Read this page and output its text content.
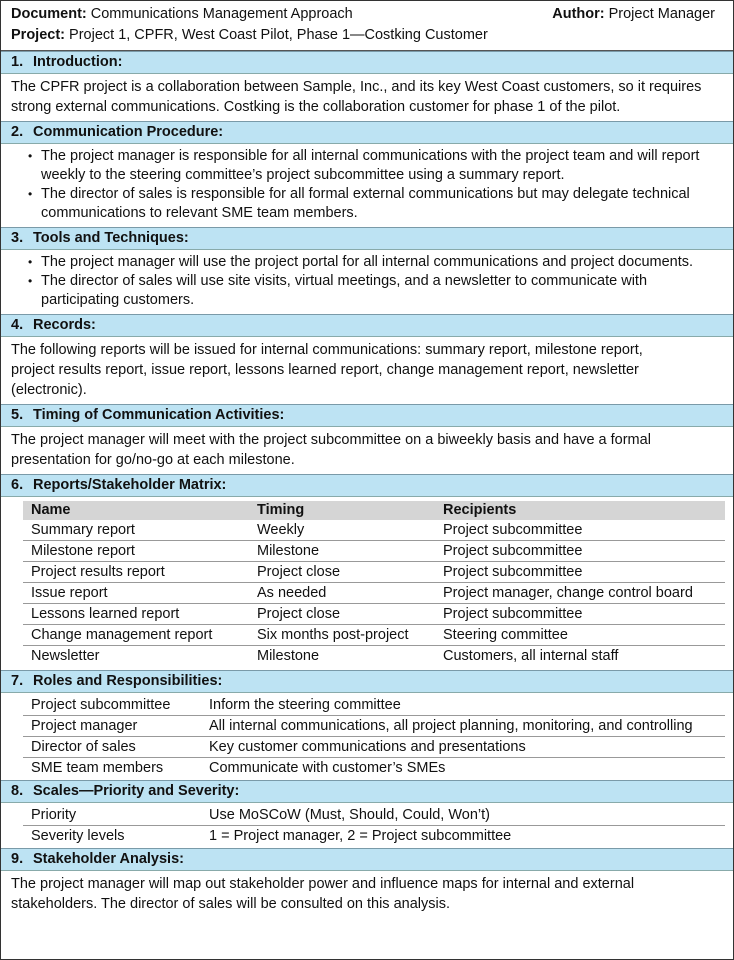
Document: Communications Management Approach	Author: Project Manager
Project: Project 1, CPFR, West Coast Pilot, Phase 1—Costking Customer
1. Introduction:
The CPFR project is a collaboration between Sample, Inc., and its key West Coast customers, so it requires strong external communications. Costking is the collaboration customer for phase 1 of the pilot.
2. Communication Procedure:
• The project manager is responsible for all internal communications with the project team and will report weekly to the steering committee’s project subcommittee using a summary report.
• The director of sales is responsible for all formal external communications but may delegate technical communications to relevant SME team members.
3. Tools and Techniques:
• The project manager will use the project portal for all internal communications and project documents.
• The director of sales will use site visits, virtual meetings, and a newsletter to communicate with participating customers.
4. Records:
The following reports will be issued for internal communications: summary report, milestone report, project results report, issue report, lessons learned report, change management report, newsletter (electronic).
5. Timing of Communication Activities:
The project manager will meet with the project subcommittee on a biweekly basis and have a formal presentation for go/no-go at each milestone.
6. Reports/Stakeholder Matrix:
Name	Timing	Recipients

Summary report	Weekly	Project subcommittee
Milestone report	Milestone	Project subcommittee
Project results report	Project close	Project subcommittee
Issue report	As needed	Project manager, change control board
Lessons learned report	Project close	Project subcommittee
Change management report	Six months post-project	Steering committee
Newsletter	Milestone	Customers, all internal staff
7. Roles and Responsibilities:
Project subcommittee	Inform the steering committee
Project manager	All internal communications, all project planning, monitoring, and controlling
Director of sales	Key customer communications and presentations
SME team members	Communicate with customer’s SMEs
8. Scales—Priority and Severity:
Priority	Use MoSCoW (Must, Should, Could, Won’t)
Severity levels	1 = Project manager, 2 = Project subcommittee
9. Stakeholder Analysis:
The project manager will map out stakeholder power and influence maps for internal and external stakeholders. The director of sales will be consulted on this analysis.
